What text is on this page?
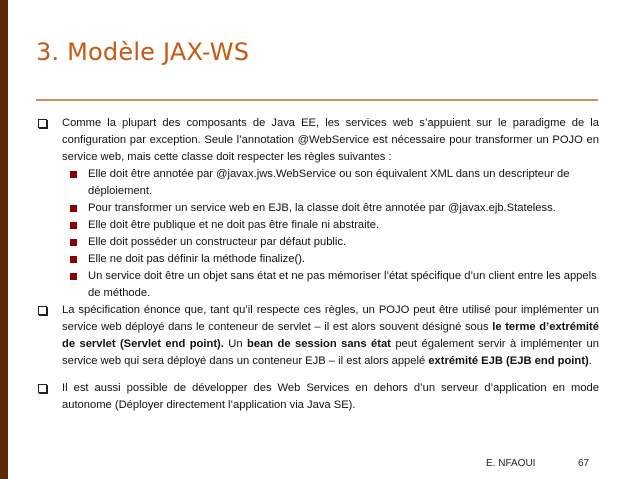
3. Modèle JAX-WS
Comme la plupart des composants de Java EE, les services web s’appuient sur le paradigme de la configuration par exception. Seule l’annotation @WebService est nécessaire pour transformer un POJO en service web, mais cette classe doit respecter les règles suivantes :
Elle doit être annotée par @javax.jws.WebService ou son équivalent XML dans un descripteur de déploiement.
Pour transformer un service web en EJB, la classe doit être annotée par @javax.ejb.Stateless.
Elle doit être publique et ne doit pas être finale ni abstraite.
Elle doit posséder un constructeur par défaut public.
Elle ne doit pas définir la méthode finalize().
Un service doit être un objet sans état et ne pas mémoriser l’état spécifique d’un client entre les appels de méthode.
La spécification énonce que, tant qu’il respecte ces règles, un POJO peut être utilisé pour implémenter un service web déployé dans le conteneur de servlet – il est alors souvent désigné sous le terme d’extrémité de servlet (Servlet end point). Un bean de session sans état peut également servir à implémenter un service web qui sera déployé dans un conteneur EJB – il est alors appelé extrémité EJB (EJB end point).
Il est aussi possible de développer des Web Services en dehors d’un serveur d’application en mode autonome (Déployer directement l’application via Java SE).
E. NFAOUI	67
